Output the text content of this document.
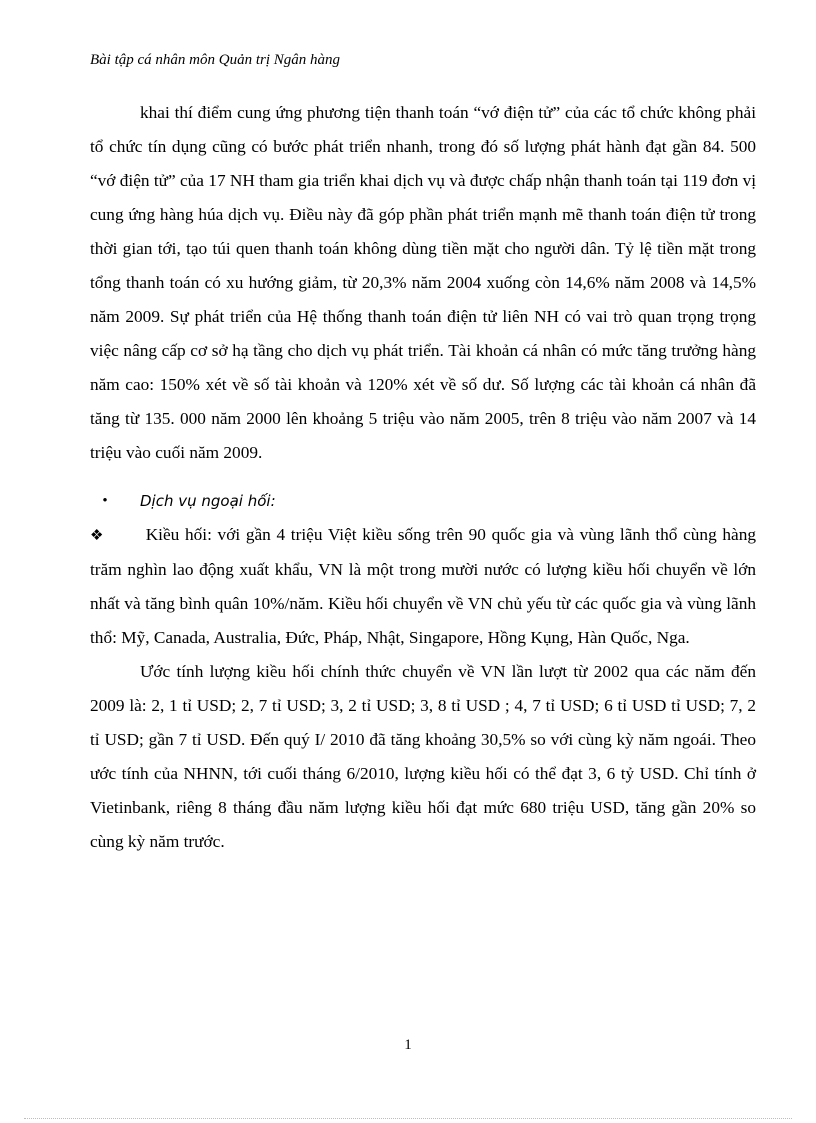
Bài tập cá nhân môn Quản trị Ngân hàng

khai thí điểm cung ứng phương tiện thanh toán “vớ điện tử” của các tổ chức không phải tổ chức tín dụng cũng có bước phát triển nhanh, trong đó số lượng phát hành đạt gần 84. 500 “vớ điện tử” của 17 NH tham gia triển khai dịch vụ và được chấp nhận thanh toán tại 119 đơn vị cung ứng hàng húa dịch vụ. Điều này đã góp phần phát triển mạnh mẽ thanh toán điện tử trong thời gian tới, tạo túi quen thanh toán không dùng tiền mặt cho người dân. Tỷ lệ tiền mặt trong tổng thanh toán có xu hướng giảm, từ 20,3% năm 2004 xuống còn 14,6% năm 2008 và 14,5% năm 2009. Sự phát triển của Hệ thống thanh toán điện tử liên NH có vai trò quan trọng trọng việc nâng cấp cơ sở hạ tầng cho dịch vụ phát triển. Tài khoản cá nhân có mức tăng trưởng hàng năm cao: 150% xét về số tài khoản và 120% xét về số dư. Số lượng các tài khoản cá nhân đã tăng từ 135. 000 năm 2000 lên khoảng 5 triệu vào năm 2005, trên 8 triệu vào năm 2007 và 14 triệu vào cuối năm 2009.

•	Dịch vụ ngoại hối:

❖ Kiều hối: với gần 4 triệu Việt kiều sống trên 90 quốc gia và vùng lãnh thổ cùng hàng trăm nghìn lao động xuất khẩu, VN là một trong mười nước có lượng kiều hối chuyển về lớn nhất và tăng bình quân 10%/năm. Kiều hối chuyển về VN chủ yếu từ các quốc gia và vùng lãnh thổ: Mỹ, Canada, Australia, Đức, Pháp, Nhật, Singapore, Hồng Kụng, Hàn Quốc, Nga.

Ước tính lượng kiều hối chính thức chuyển về VN lần lượt từ 2002 qua các năm đến 2009 là: 2, 1 tỉ USD; 2, 7 tỉ USD; 3, 2 tỉ USD; 3, 8 tỉ USD ; 4, 7 tỉ USD; 6 tỉ USD tỉ USD; 7, 2 tỉ USD; gần 7 tỉ USD. Đến quý I/ 2010 đã tăng khoảng 30,5% so với cùng kỳ năm ngoái. Theo ước tính của NHNN, tới cuối tháng 6/2010, lượng kiều hối có thể đạt 3, 6 tỷ USD. Chỉ tính ở Vietinbank, riêng 8 tháng đầu năm lượng kiều hối đạt mức 680 triệu USD, tăng gần 20% so cùng kỳ năm trước.

1
